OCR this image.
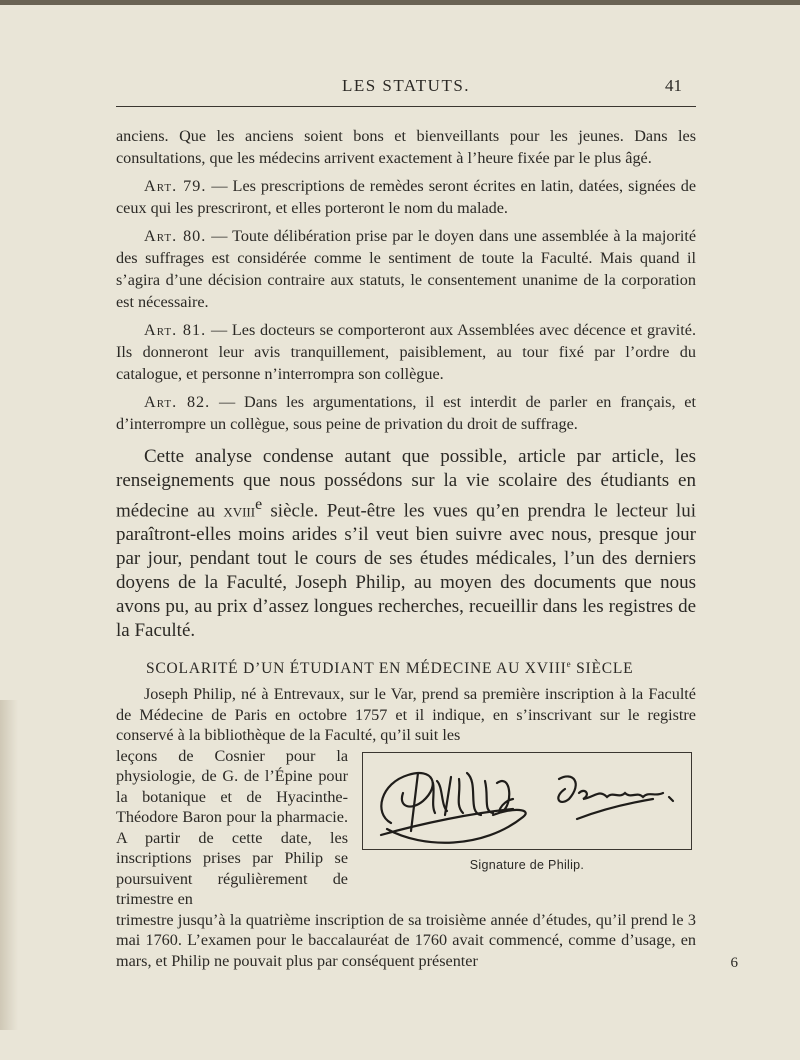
LES STATUTS.	41

anciens. Que les anciens soient bons et bienveillants pour les jeunes. Dans les consultations, que les médecins arrivent exactement à l’heure fixée par le plus âgé.

Art. 79. — Les prescriptions de remèdes seront écrites en latin, datées, signées de ceux qui les prescriront, et elles porteront le nom du malade.

Art. 80. — Toute délibération prise par le doyen dans une assemblée à la majorité des suffrages est considérée comme le sentiment de toute la Faculté. Mais quand il s’agira d’une décision contraire aux statuts, le consentement unanime de la corporation est nécessaire.

Art. 81. — Les docteurs se comporteront aux Assemblées avec décence et gravité. Ils donneront leur avis tranquillement, paisiblement, au tour fixé par l’ordre du catalogue, et personne n’interrompra son collègue.

Art. 82. — Dans les argumentations, il est interdit de parler en français, et d’interrompre un collègue, sous peine de privation du droit de suffrage.

Cette analyse condense autant que possible, article par article, les renseignements que nous possédons sur la vie scolaire des étudiants en médecine au xviii$^e$ siècle. Peut-être les vues qu’en prendra le lecteur lui paraîtront-elles moins arides s’il veut bien suivre avec nous, presque jour par jour, pendant tout le cours de ses études médicales, l’un des derniers doyens de la Faculté, Joseph Philip, au moyen des documents que nous avons pu, au prix d’assez longues recherches, recueillir dans les registres de la Faculté.

SCOLARITÉ D’UN ÉTUDIANT EN MÉDECINE AU XVIIIe SIÈCLE

Joseph Philip, né à Entrevaux, sur le Var, prend sa première inscription à la Faculté de Médecine de Paris en octobre 1757 et il indique, en s’inscrivant sur le registre conservé à la bibliothèque de la Faculté, qu’il suit les

leçons de Cosnier pour la physiologie, de G. de l’Épine pour la botanique et de Hyacinthe-Théodore Baron pour la pharmacie. A partir de cette date, les inscriptions prises par Philip se poursuivent régulièrement de trimestre en
Signature de Philip.

trimestre jusqu’à la quatrième inscription de sa troisième année d’études, qu’il prend le 3 mai 1760. L’examen pour le baccalauréat de 1760 avait commencé, comme d’usage, en mars, et Philip ne pouvait plus par conséquent présenter	6
